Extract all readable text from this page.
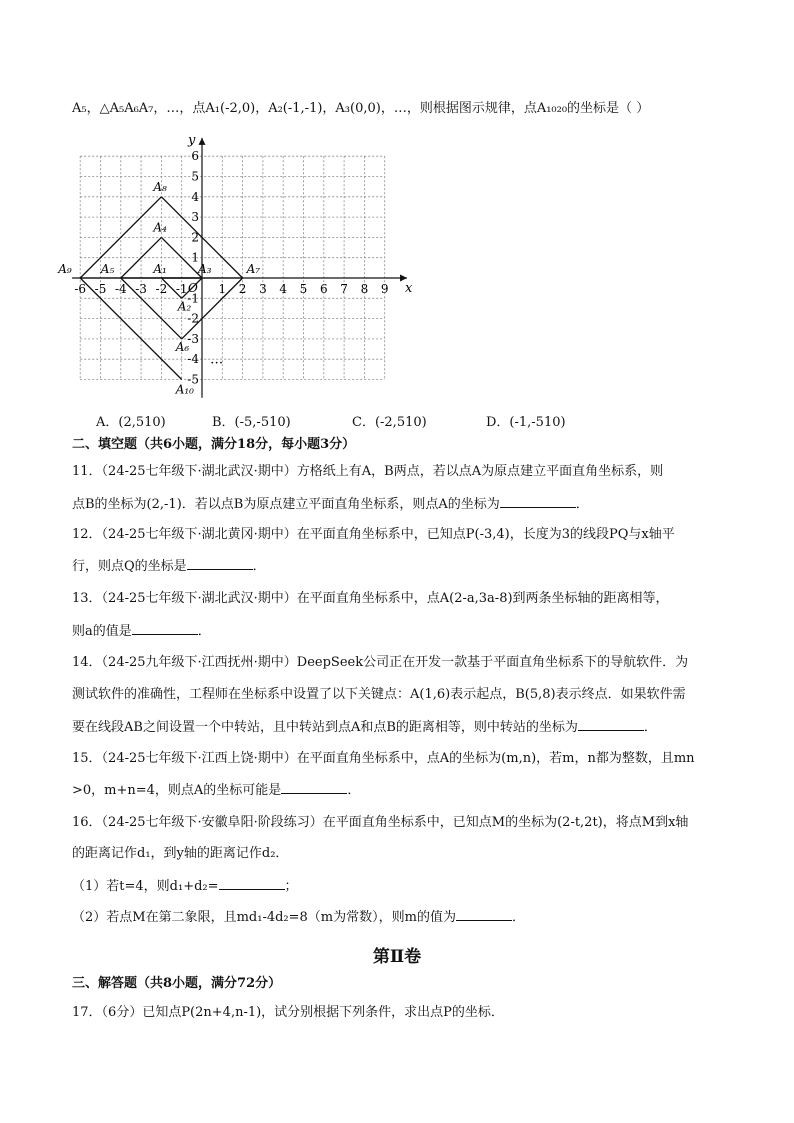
A₅，△A₅A₆A₇，…，点A₁(-2,0)，A₂(-1,-1)，A₃(0,0)，…，则根据图示规律，点A₁₀₂₀的坐标是（ ）
x
y
O
-6 -5 -4 -3 -2 -1	1 2 3 4 5 6 7 8 9
6
5
4
3
2
1
-1
-2
-3
-4
-5
A₁
A₂
A₃
A₄
A₅
A₆
A₇
A₈
A₉
A₁₀
…
A．(2,510)	B．(-5,-510)	C．(-2,510)	D．(-1,-510)
二、填空题（共6小题，满分18分，每小题3分）
11．（24-25七年级下·湖北武汉·期中）方格纸上有A，B两点，若以点A为原点建立平面直角坐标系，则
点B的坐标为(2,-1)．若以点B为原点建立平面直角坐标系，则点A的坐标为	．
12．（24-25七年级下·湖北黄冈·期中）在平面直角坐标系中，已知点P(-3,4)，长度为3的线段PQ与x轴平
行，则点Q的坐标是	．
13．（24-25七年级下·湖北武汉·期中）在平面直角坐标系中，点A(2-a,3a-8)到两条坐标轴的距离相等，
则a的值是	．
14．（24-25九年级下·江西抚州·期中）DeepSeek公司正在开发一款基于平面直角坐标系下的导航软件．为
测试软件的准确性，工程师在坐标系中设置了以下关键点：A(1,6)表示起点，B(5,8)表示终点．如果软件需
要在线段AB之间设置一个中转站，且中转站到点A和点B的距离相等，则中转站的坐标为	．
15．（24-25七年级下·江西上饶·期中）在平面直角坐标系中，点A的坐标为(m,n)，若m，n都为整数，且mn
>0，m+n=4，则点A的坐标可能是	．
16．（24-25七年级下·安徽阜阳·阶段练习）在平面直角坐标系中，已知点M的坐标为(2-t,2t)，将点M到x轴
的距离记作d₁，到y轴的距离记作d₂．
（1）若t=4，则d₁+d₂=	；
（2）若点M在第二象限，且md₁-4d₂=8（m为常数），则m的值为	．
第Ⅱ卷
三、解答题（共8小题，满分72分）
17．（6分）已知点P(2n+4,n-1)，试分别根据下列条件，求出点P的坐标．
